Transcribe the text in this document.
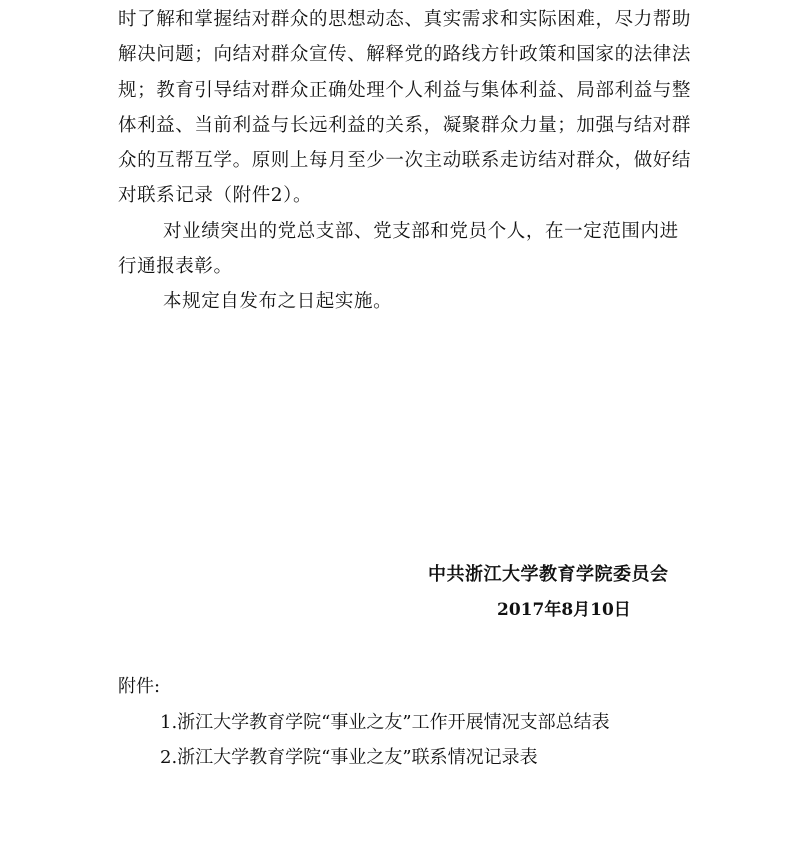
时了解和掌握结对群众的思想动态、真实需求和实际困难，尽力帮助
解决问题；向结对群众宣传、解释党的路线方针政策和国家的法律法
规；教育引导结对群众正确处理个人利益与集体利益、局部利益与整
体利益、当前利益与长远利益的关系，凝聚群众力量；加强与结对群
众的互帮互学。原则上每月至少一次主动联系走访结对群众，做好结
对联系记录（附件2）。
对业绩突出的党总支部、党支部和党员个人，在一定范围内进
行通报表彰。
本规定自发布之日起实施。
中共浙江大学教育学院委员会
2017年8月10日
附件:
1.浙江大学教育学院“事业之友”工作开展情况支部总结表
2.浙江大学教育学院“事业之友”联系情况记录表
